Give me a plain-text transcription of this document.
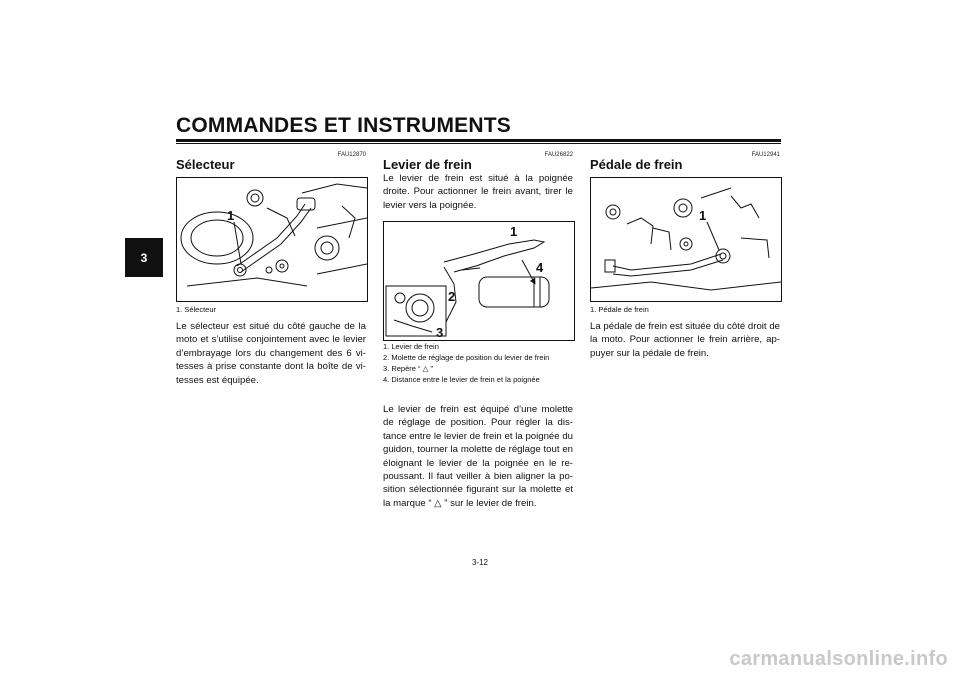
COMMANDES ET INSTRUMENTS
3
FAU12870
Sélecteur
1
1. Sélecteur
Le sélecteur est situé du côté gauche de la moto et s’utilise conjointement avec le levier d’embrayage lors du changement des 6 vi-tesses à prise constante dont la boîte de vi-tesses est équipée.
FAU26822
Levier de frein
Le levier de frein est situé à la poignée droite. Pour actionner le frein avant, tirer le levier vers la poignée.
1
2
3
4
1. Levier de frein
2. Molette de réglage de position du levier de frein
3. Repère “ △ ”
4. Distance entre le levier de frein et la poignée
Le levier de frein est équipé d’une molette de réglage de position. Pour régler la dis-tance entre le levier de frein et la poignée du guidon, tourner la molette de réglage tout en éloignant le levier de la poignée en le re-poussant. Il faut veiller à bien aligner la po-sition sélectionnée figurant sur la molette et la marque “ △ ” sur le levier de frein.
FAU12941
Pédale de frein
1
1. Pédale de frein
La pédale de frein est située du côté droit de la moto. Pour actionner le frein arrière, ap-puyer sur la pédale de frein.
3-12
carmanualsonline.info
